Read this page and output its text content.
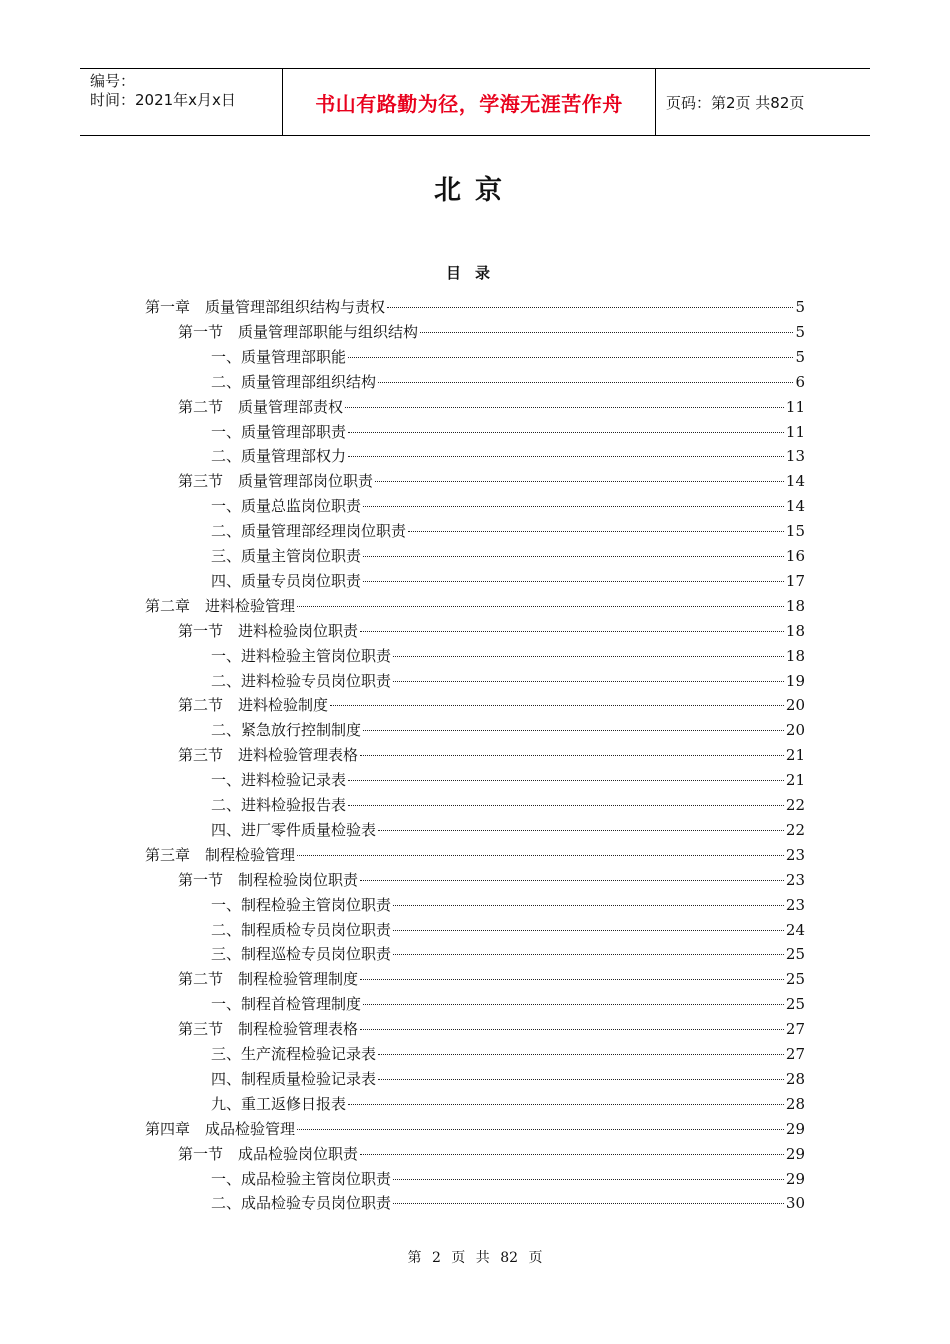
编号：
时间：2021年x月x日	书山有路勤为径，学海无涯苦作舟	页码：第2页 共82页
北京
目录
第一章　质量管理部组织结构与责权	5
第一节　质量管理部职能与组织结构	5
一、质量管理部职能	5
二、质量管理部组织结构	6
第二节　质量管理部责权	11
一、质量管理部职责	11
二、质量管理部权力	13
第三节　质量管理部岗位职责	14
一、质量总监岗位职责	14
二、质量管理部经理岗位职责	15
三、质量主管岗位职责	16
四、质量专员岗位职责	17
第二章　进料检验管理	18
第一节　进料检验岗位职责	18
一、进料检验主管岗位职责	18
二、进料检验专员岗位职责	19
第二节　进料检验制度	20
二、紧急放行控制制度	20
第三节　进料检验管理表格	21
一、进料检验记录表	21
二、进料检验报告表	22
四、进厂零件质量检验表	22
第三章　制程检验管理	23
第一节　制程检验岗位职责	23
一、制程检验主管岗位职责	23
二、制程质检专员岗位职责	24
三、制程巡检专员岗位职责	25
第二节　制程检验管理制度	25
一、制程首检管理制度	25
第三节　制程检验管理表格	27
三、生产流程检验记录表	27
四、制程质量检验记录表	28
九、重工返修日报表	28
第四章　成品检验管理	29
第一节　成品检验岗位职责	29
一、成品检验主管岗位职责	29
二、成品检验专员岗位职责	30
第 2 页 共 82 页
